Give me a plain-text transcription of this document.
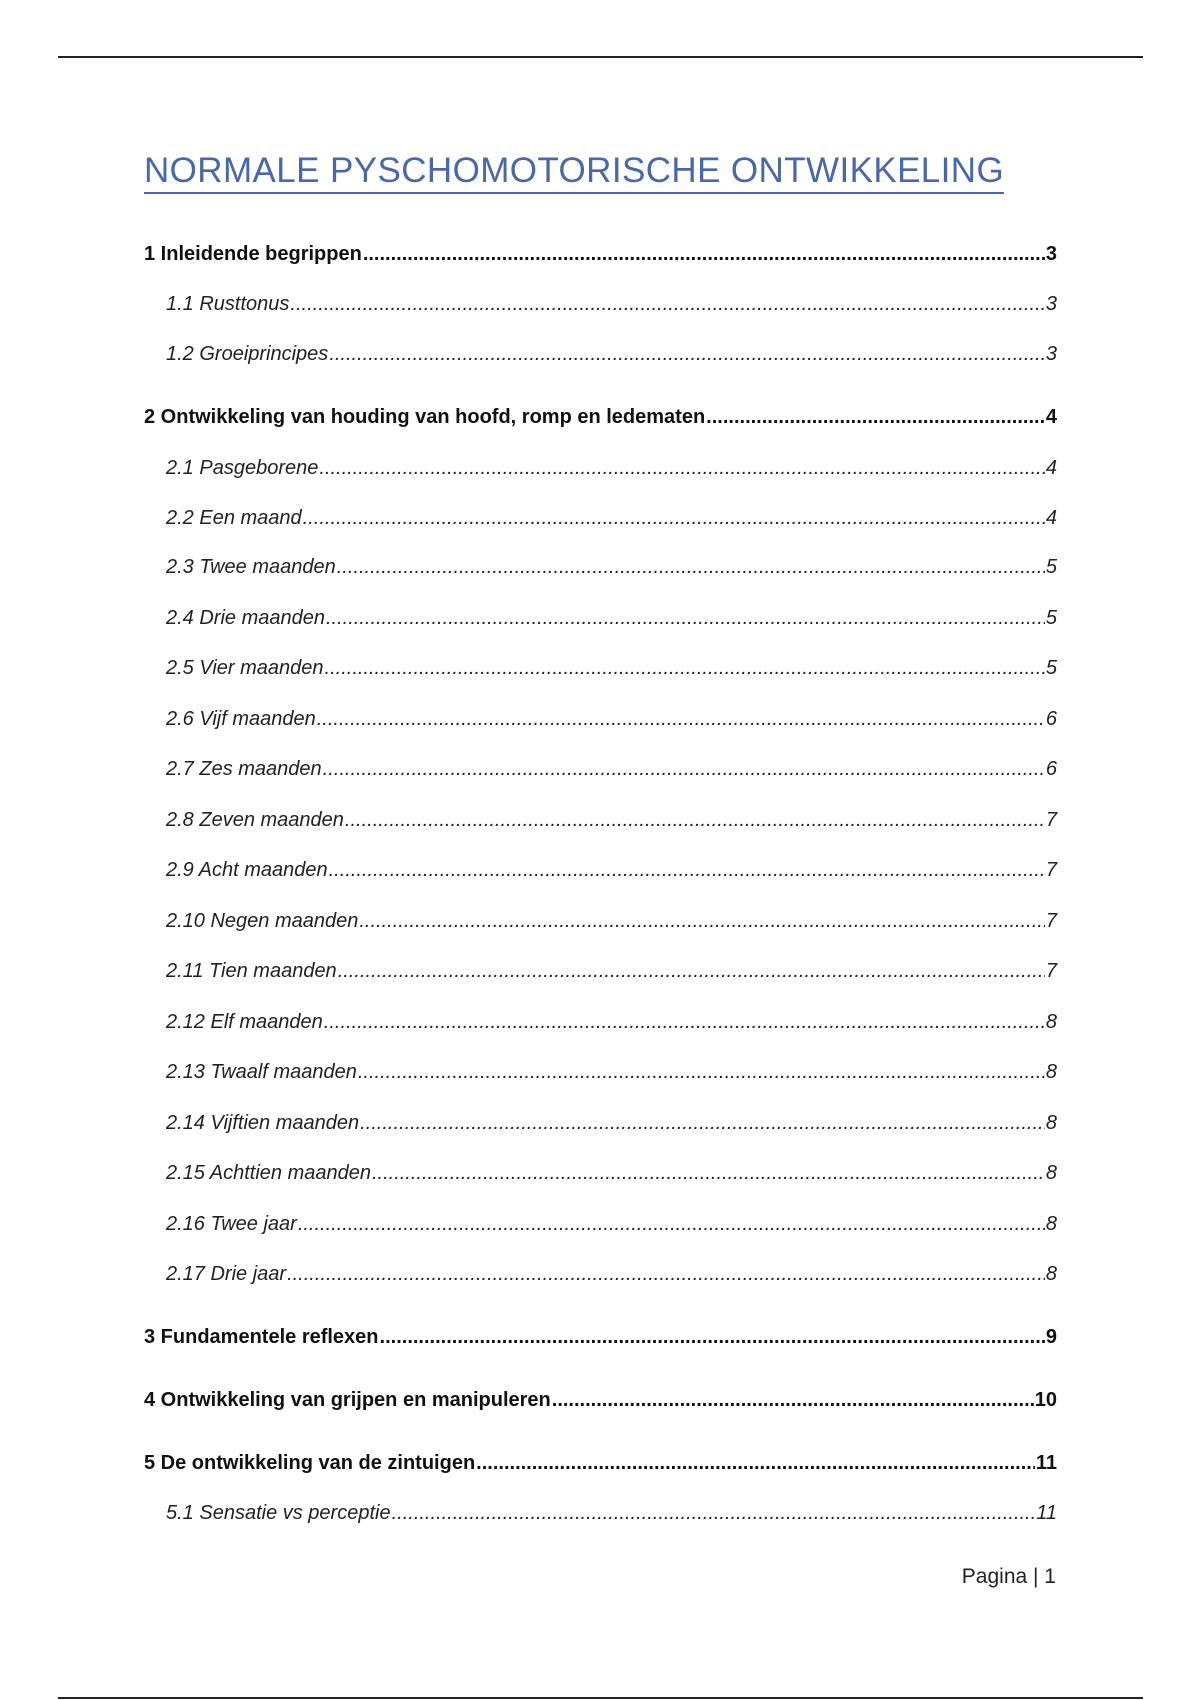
NORMALE PYSCHOMOTORISCHE ONTWIKKELING
1 Inleidende begrippen .....	3
1.1 Rusttonus .....	3
1.2 Groeiprincipes .....	3
2 Ontwikkeling van houding van hoofd, romp en ledematen .....	4
2.1 Pasgeborene .....	4
2.2 Een maand .....	4
2.3 Twee maanden .....	5
2.4 Drie maanden .....	5
2.5 Vier maanden .....	5
2.6 Vijf maanden .....	6
2.7 Zes maanden .....	6
2.8 Zeven maanden .....	7
2.9 Acht maanden .....	7
2.10 Negen maanden .....	7
2.11 Tien maanden .....	7
2.12 Elf maanden .....	8
2.13 Twaalf maanden .....	8
2.14 Vijftien maanden .....	8
2.15 Achttien maanden .....	8
2.16 Twee jaar .....	8
2.17 Drie jaar .....	8
3 Fundamentele reflexen .....	9
4 Ontwikkeling van grijpen en manipuleren .....	10
5 De ontwikkeling van de zintuigen .....	11
5.1 Sensatie vs perceptie .....	11
Pagina | 1
